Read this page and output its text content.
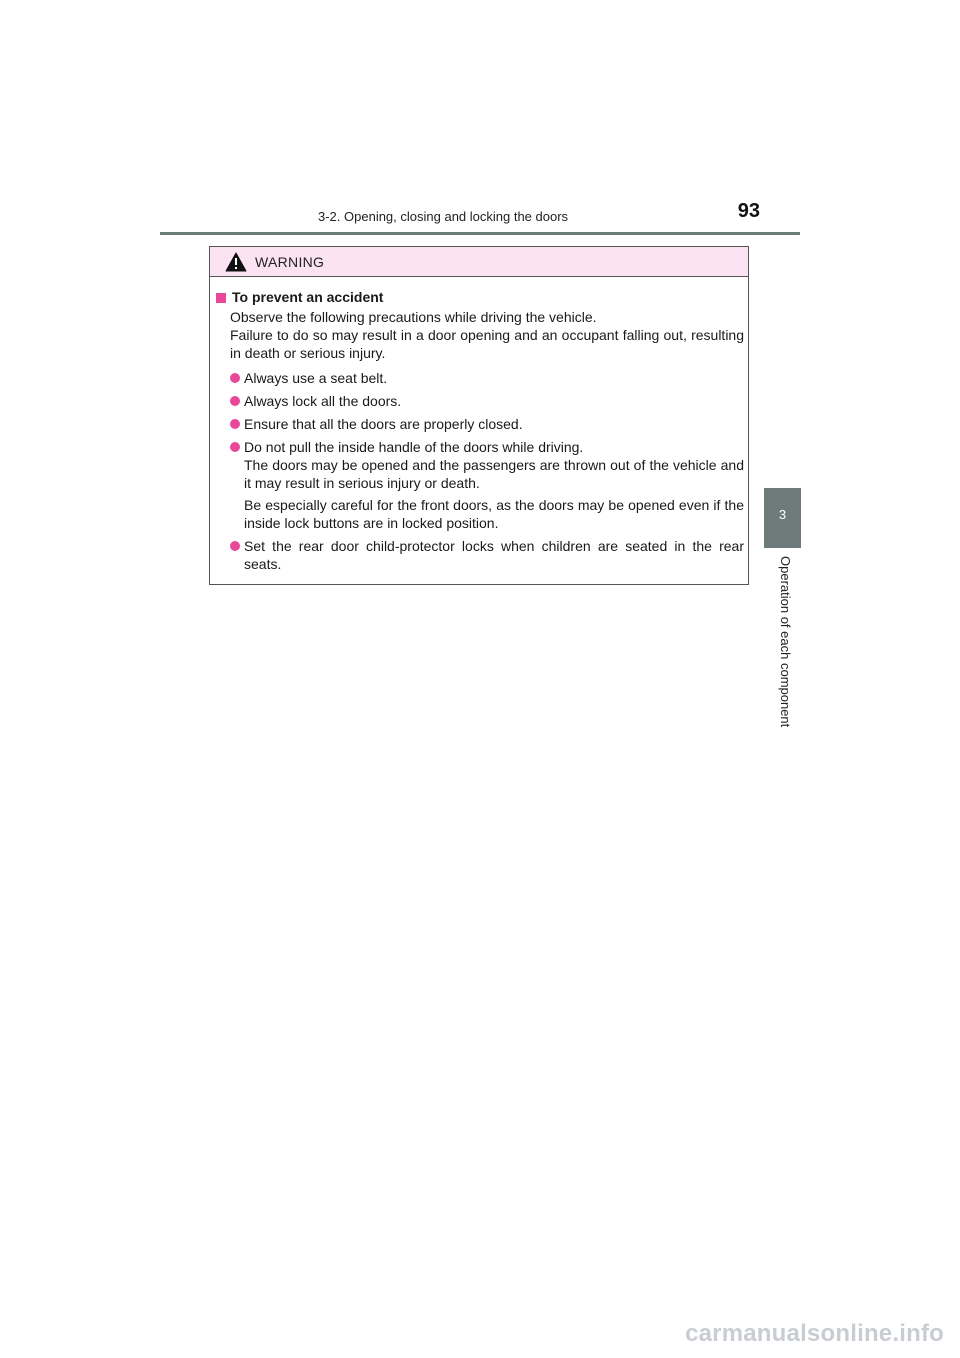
3-2. Opening, closing and locking the doors	93
3
Operation of each component
WARNING
To prevent an accident
Observe the following precautions while driving the vehicle.
Failure to do so may result in a door opening and an occupant falling out, resulting in death or serious injury.
Always use a seat belt.
Always lock all the doors.
Ensure that all the doors are properly closed.
Do not pull the inside handle of the doors while driving.
The doors may be opened and the passengers are thrown out of the vehicle and it may result in serious injury or death.
Be especially careful for the front doors, as the doors may be opened even if the inside lock buttons are in locked position.
Set the rear door child-protector locks when children are seated in the rear seats.
carmanualsonline.info
